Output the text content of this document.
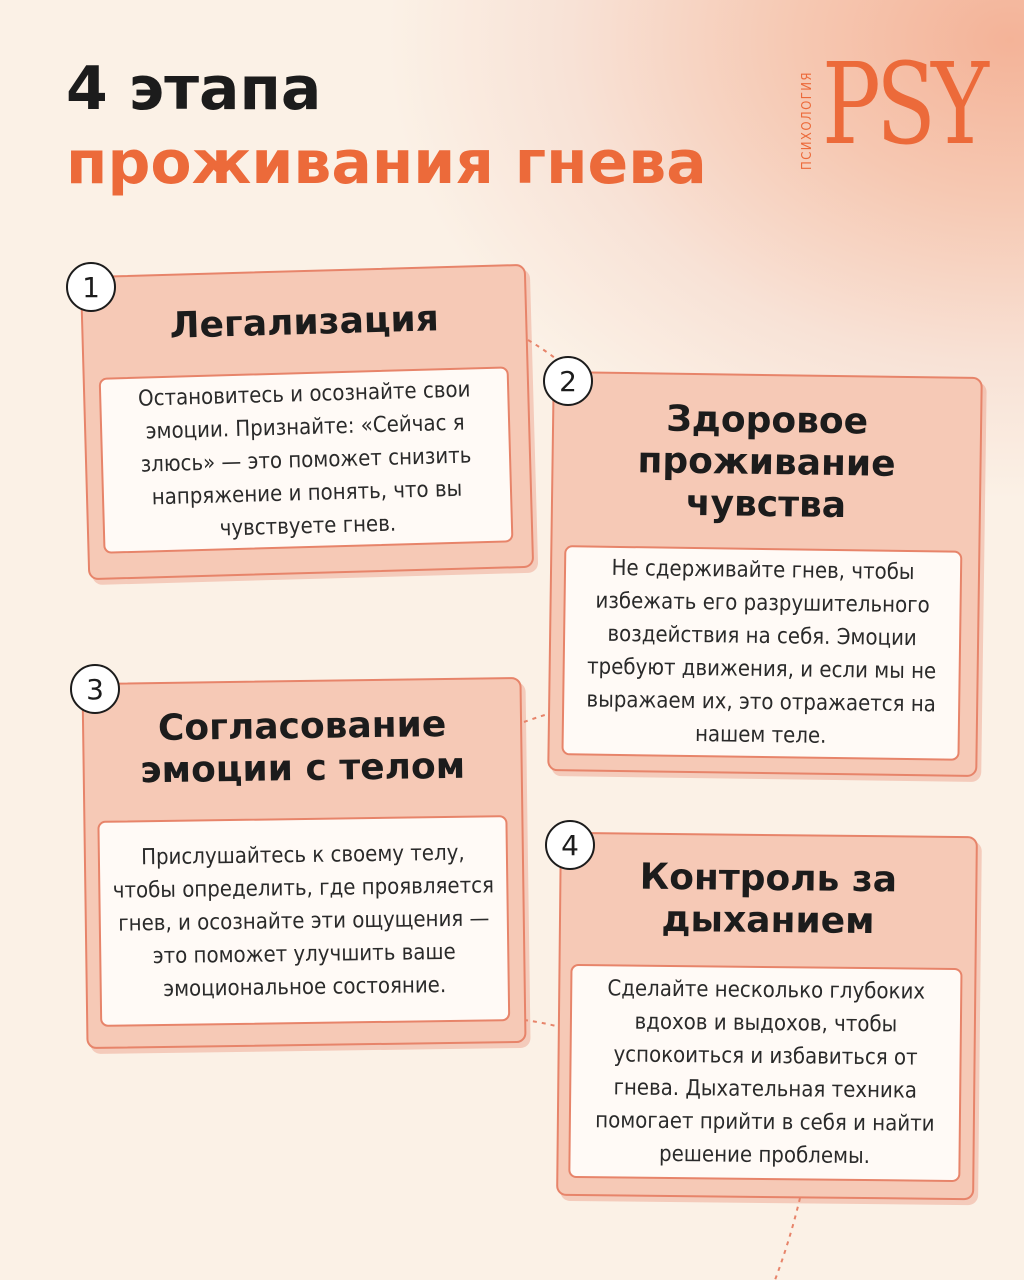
4 этапа
проживания гнева	ПСИХОЛОГИЯ PSY
Легализация
Остановитесь и осознайте свои эмоции. Признайте: «Сейчас я злюсь» — это поможет снизить напряжение и понять, что вы чувствуете гнев.
1
Здоровое проживание чувства
Не сдерживайте гнев, чтобы избежать его разрушительного воздействия на себя. Эмоции требуют движения, и если мы не выражаем их, это отражается на нашем теле.
2
Согласование эмоции с телом
Прислушайтесь к своему телу, чтобы определить, где проявляется гнев, и осознайте эти ощущения — это поможет улучшить ваше эмоциональное состояние.
3
Контроль за дыханием
Сделайте несколько глубоких вдохов и выдохов, чтобы успокоиться и избавиться от гнева. Дыхательная техника помогает прийти в себя и найти решение проблемы.
4
